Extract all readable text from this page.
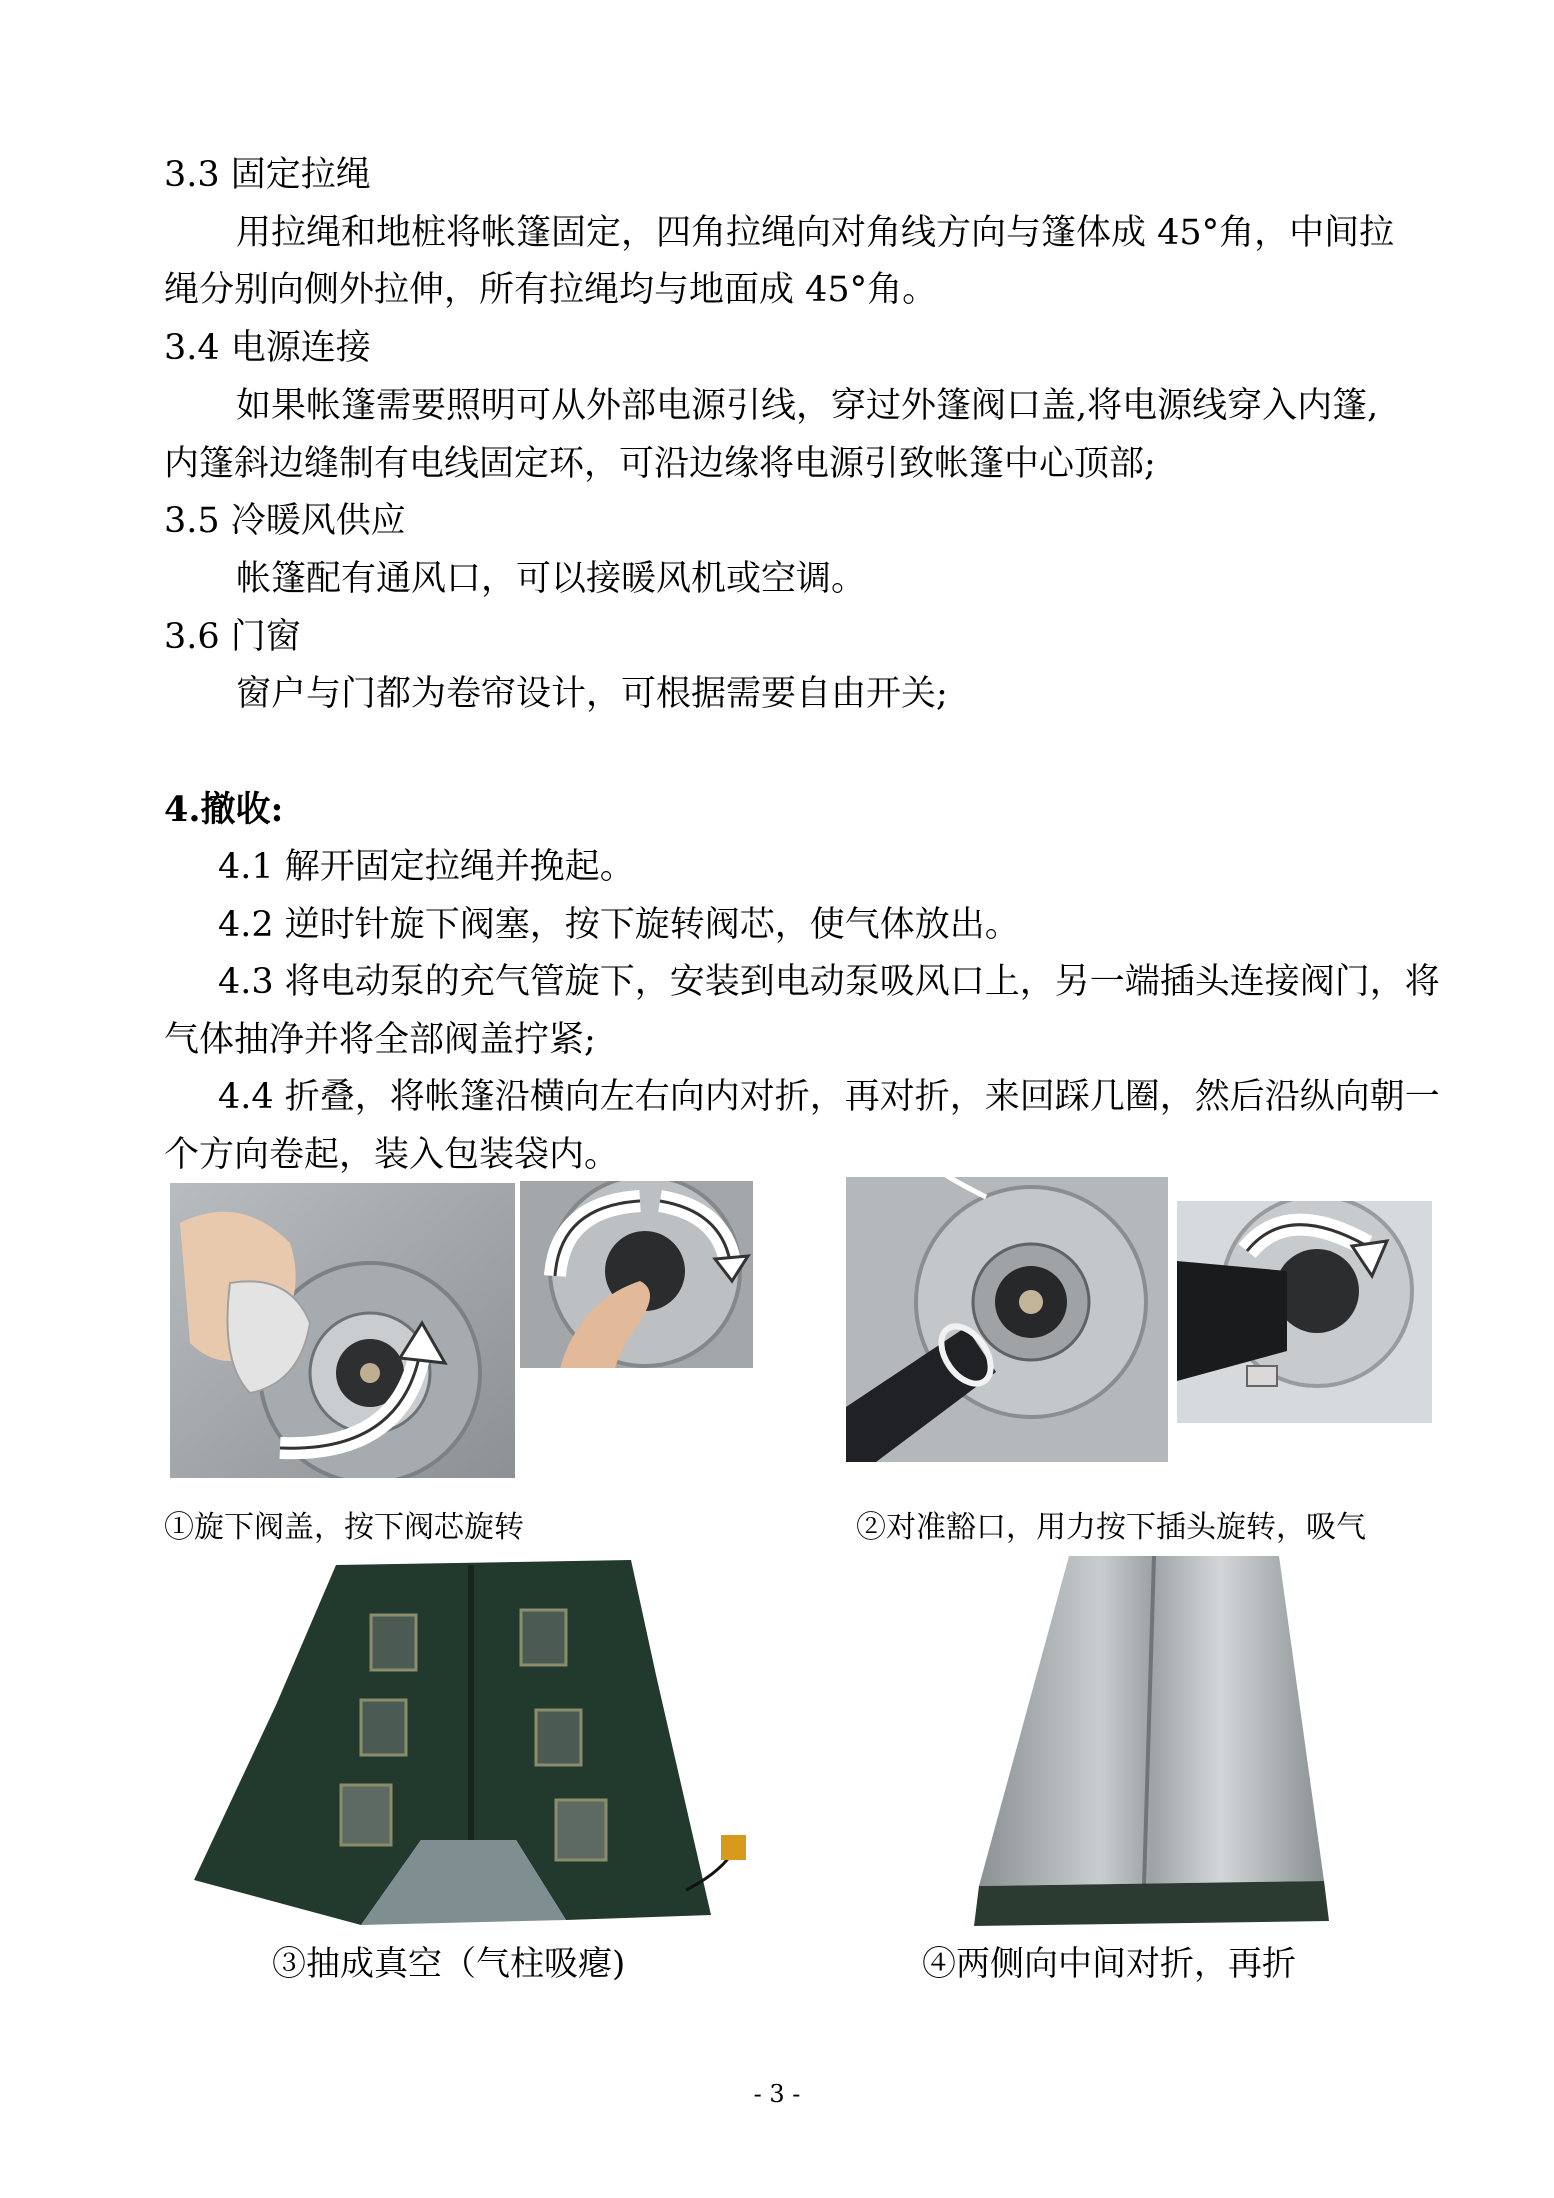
3.3 固定拉绳
用拉绳和地桩将帐篷固定，四角拉绳向对角线方向与篷体成 45°角，中间拉
绳分别向侧外拉伸，所有拉绳均与地面成 45°角。
3.4 电源连接
如果帐篷需要照明可从外部电源引线，穿过外篷阀口盖,将电源线穿入内篷,
内篷斜边缝制有电线固定环，可沿边缘将电源引致帐篷中心顶部;
3.5 冷暖风供应
帐篷配有通风口，可以接暖风机或空调。
3.6 门窗
窗户与门都为卷帘设计，可根据需要自由开关;
4.撤收:
4.1 解开固定拉绳并挽起。
4.2 逆时针旋下阀塞，按下旋转阀芯，使气体放出。
4.3 将电动泵的充气管旋下，安装到电动泵吸风口上，另一端插头连接阀门，将
气体抽净并将全部阀盖拧紧;
4.4 折叠，将帐篷沿横向左右向内对折，再对折，来回踩几圈，然后沿纵向朝一
个方向卷起，装入包装袋内。
①旋下阀盖，按下阀芯旋转	②对准豁口，用力按下插头旋转，吸气
③抽成真空（气柱吸瘪)	④两侧向中间对折，再折
- 3 -
